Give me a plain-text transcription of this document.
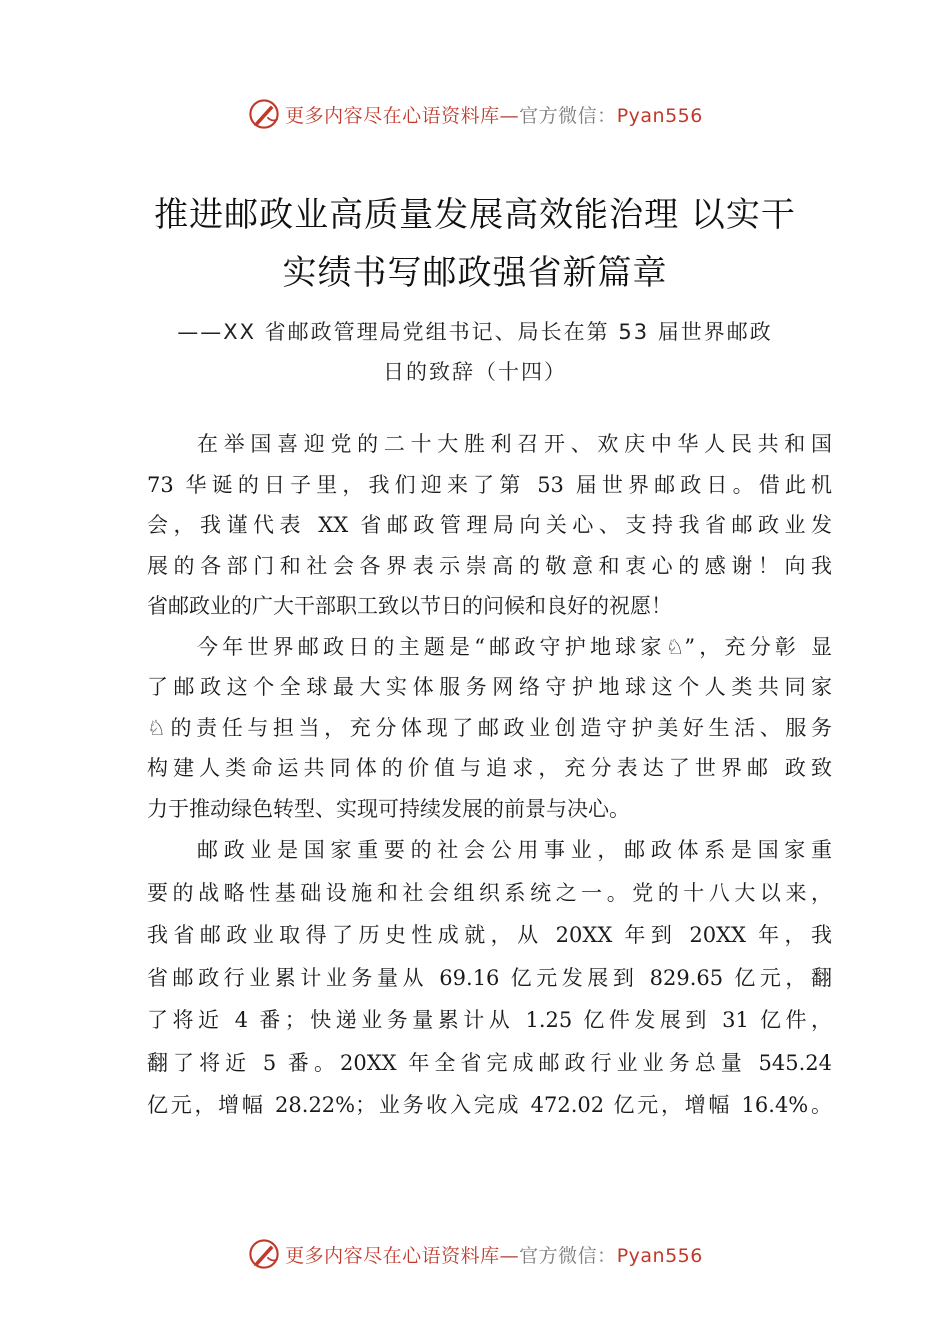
更多内容尽在心语资料库—官方微信：Pyan556
推进邮政业高质量发展高效能治理 以实干
实绩书写邮政强省新篇章
——XX 省邮政管理局党组书记、局长在第 53 届世界邮政
日的致辞（十四）
在举国喜迎党的二十大胜利召开、欢庆中华人民共和国
73 华诞的日子里，我们迎来了第 53 届世界邮政日。借此机
会，我谨代表 XX 省邮政管理局向关心、支持我省邮政业发
展的各部门和社会各界表示崇高的敬意和衷心的感谢！向我
省邮政业的广大干部职工致以节日的问候和良好的祝愿！
今年世界邮政日的主题是“邮政守护地球家♘”，充分彰 显
了邮政这个全球最大实体服务网络守护地球这个人类共同家
♘的责任与担当，充分体现了邮政业创造守护美好生活、服务
构建人类命运共同体的价值与追求，充分表达了世界邮 政致
力于推动绿色转型、实现可持续发展的前景与决心。
邮政业是国家重要的社会公用事业，邮政体系是国家重
要的战略性基础设施和社会组织系统之一。党的十八大以来，
我省邮政业取得了历史性成就，从 20XX 年到 20XX 年，我
省邮政行业累计业务量从 69.16 亿元发展到 829.65 亿元，翻
了将近 4 番；快递业务量累计从 1.25 亿件发展到 31 亿件，
翻了将近 5 番。20XX 年全省完成邮政行业业务总量 545.24
亿元，增幅 28.22%；业务收入完成 472.02 亿元，增幅 16.4%。
更多内容尽在心语资料库—官方微信：Pyan556
